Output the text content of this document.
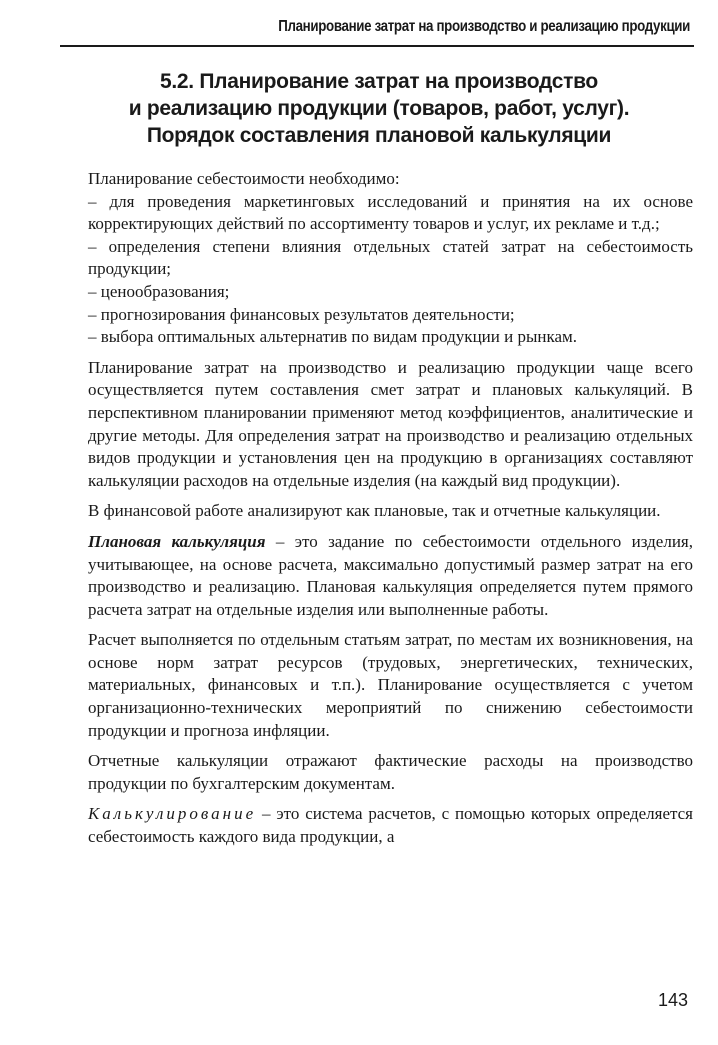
Планирование затрат на производство и реализацию продукции
5.2. Планирование затрат на производство
и реализацию продукции (товаров, работ, услуг).
Порядок составления плановой калькуляции

Планирование себестоимости необходимо:

– для проведения маркетинговых исследований и принятия на их основе корректирующих действий по ассортименту товаров и услуг, их рекламе и т.д.;

– определения степени влияния отдельных статей затрат на себестоимость продукции;

– ценообразования;

– прогнозирования финансовых результатов деятельности;

– выбора оптимальных альтернатив по видам продукции и рынкам.

Планирование затрат на производство и реализацию продукции чаще всего осуществляется путем составления смет затрат и плановых калькуляций. В перспективном планировании применяют метод коэффициентов, аналитические и другие методы. Для определения затрат на производство и реализацию отдельных видов продукции и установления цен на продукцию в организациях составляют калькуляции расходов на отдельные изделия (на каждый вид продукции).

В финансовой работе анализируют как плановые, так и отчетные калькуляции.

Плановая калькуляция – это задание по себестоимости отдельного изделия, учитывающее, на основе расчета, максимально допустимый размер затрат на его производство и реализацию. Плановая калькуляция определяется путем прямого расчета затрат на отдельные изделия или выполненные работы.

Расчет выполняется по отдельным статьям затрат, по местам их возникновения, на основе норм затрат ресурсов (трудовых, энергетических, технических, материальных, финансовых и т.п.). Планирование осуществляется с учетом организационно-технических мероприятий по снижению себестоимости продукции и прогноза инфляции.

Отчетные калькуляции отражают фактические расходы на производство продукции по бухгалтерским документам.

Калькулирование – это система расчетов, с помощью которых определяется себестоимость каждого вида продукции, а

143
